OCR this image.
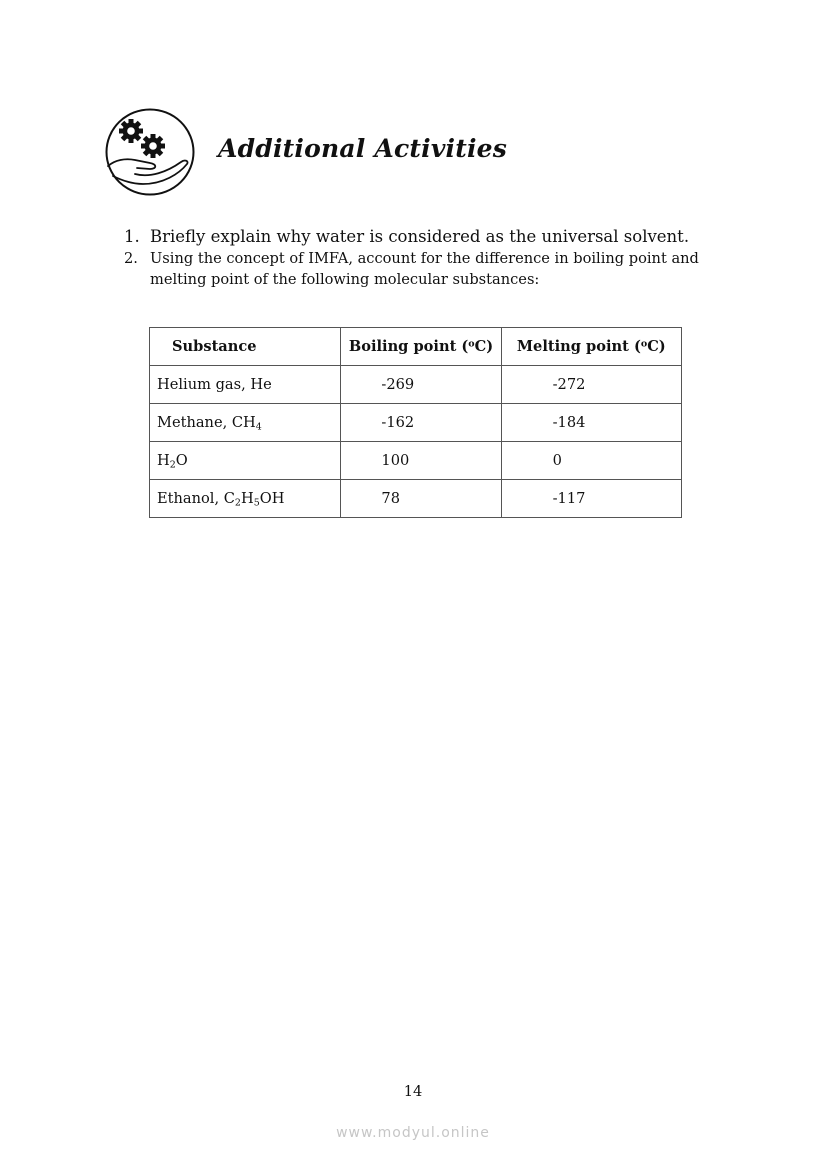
Additional Activities
1. Briefly explain why water is considered as the universal solvent.
2. Using the concept of IMFA, account for the difference in boiling point and melting point of the following molecular substances:
Substance	Boiling point ($^o$C)	Melting point ($^o$C)
Helium gas, He	-269	-272
Methane, $CH_4$	-162	-184
$H_2O$	100	0
Ethanol, $C_2H_5OH$	78	-117
14
www.modyul.online
